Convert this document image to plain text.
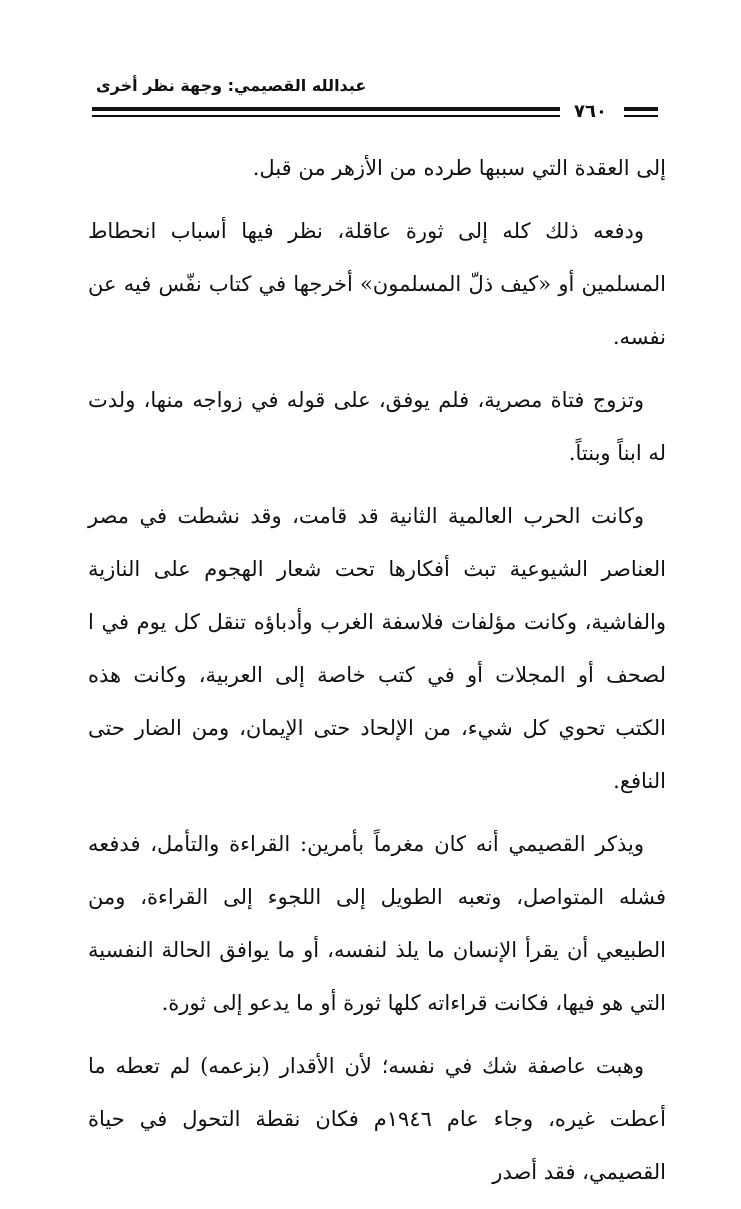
عبدالله القصيمي: وجهة نظر أخرى
٧٦٠

إلى العقدة التي سببها طرده من الأزهر من قبل.

ودفعه ذلك كله إلى ثورة عاقلة، نظر فيها أسباب انحطاط المسلمين أو «كيف ذلّ المسلمون» أخرجها في كتاب نفّس فيه عن نفسه.

وتزوج فتاة مصرية، فلم يوفق، على قوله في زواجه منها، ولدت له ابناً وبنتاً.

وكانت الحرب العالمية الثانية قد قامت، وقد نشطت في مصر العناصر الشيوعية تبث أفكارها تحت شعار الهجوم على النازية والفاشية، وكانت مؤلفات فلاسفة الغرب وأدباؤه تنقل كل يوم في ا لصحف أو المجلات أو في كتب خاصة إلى العربية، وكانت هذه الكتب تحوي كل شيء، من الإلحاد حتى الإيمان، ومن الضار حتى النافع.

ويذكر القصيمي أنه كان مغرماً بأمرين: القراءة والتأمل، فدفعه فشله المتواصل، وتعبه الطويل إلى اللجوء إلى القراءة، ومن الطبيعي أن يقرأ الإنسان ما يلذ لنفسه، أو ما يوافق الحالة النفسية التي هو فيها، فكانت قراءاته كلها ثورة أو ما يدعو إلى ثورة.

وهبت عاصفة شك في نفسه؛ لأن الأقدار (بزعمه) لم تعطه ما أعطت غيره، وجاء عام ١٩٤٦م فكان نقطة التحول في حياة القصيمي، فقد أصدر
